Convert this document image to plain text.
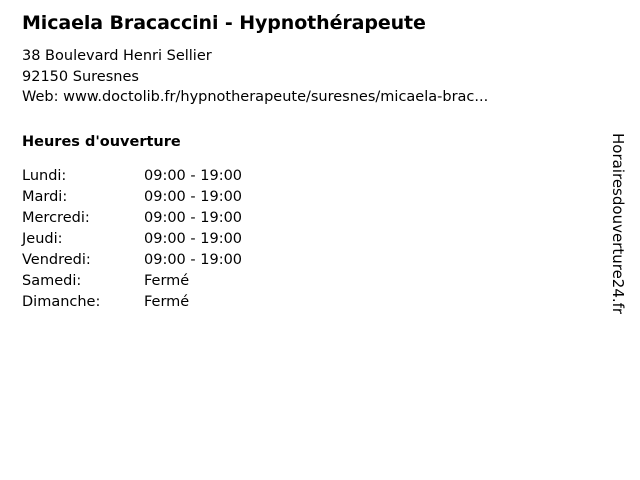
Micaela Bracaccini - Hypnothérapeute
38 Boulevard Henri Sellier
92150 Suresnes
Web: www.doctolib.fr/hypnotherapeute/suresnes/micaela-brac...
Heures d'ouverture
Lundi:	09:00 - 19:00
Mardi:	09:00 - 19:00
Mercredi:	09:00 - 19:00
Jeudi:	09:00 - 19:00
Vendredi:	09:00 - 19:00
Samedi:	Fermé
Dimanche:	Fermé	Horairesdouverture24.fr
